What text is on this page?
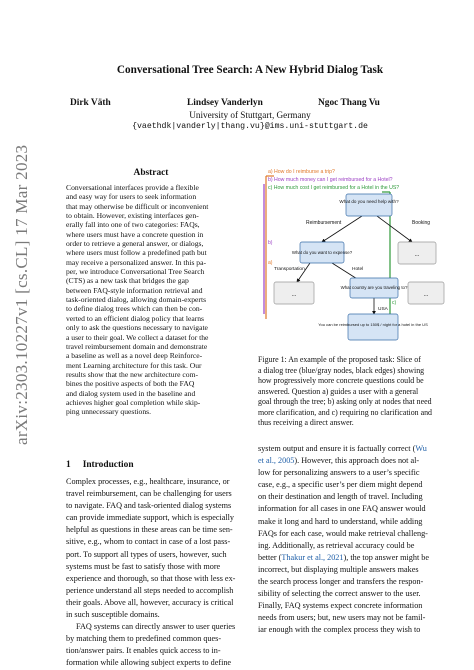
arXiv:2303.10227v1 [cs.CL] 17 Mar 2023
Conversational Tree Search: A New Hybrid Dialog Task
Dirk Väth	Lindsey Vanderlyn	Ngoc Thang Vu
University of Stuttgart, Germany
{vaethdk|vanderly|thang.vu}@ims.uni-stuttgart.de
Abstract
Conversational interfaces provide a flexible
and easy way for users to seek information
that may otherwise be difficult or inconvenient
to obtain. However, existing interfaces gen-
erally fall into one of two categories: FAQs,
where users must have a concrete question in
order to retrieve a general answer, or dialogs,
where users must follow a predefined path but
may receive a personalized answer. In this pa-
per, we introduce Conversational Tree Search
(CTS) as a new task that bridges the gap
between FAQ-style information retrieval and
task-oriented dialog, allowing domain-experts
to define dialog trees which can then be con-
verted to an efficient dialog policy that learns
only to ask the questions necessary to navigate
a user to their goal. We collect a dataset for the
travel reimbursement domain and demonstrate
a baseline as well as a novel deep Reinforce-
ment Learning architecture for this task. Our
results show that the new architecture com-
bines the positive aspects of both the FAQ
and dialog system used in the baseline and
achieves higher goal completion while skip-
ping unnecessary questions.
a) How do I reimburse a trip?
b) How much money can I get reimbursed for a Hotel?
c) How much cost I get reimbursed for a Hotel in the US?
What do you need help with?
Reimbursement	Booking
What do you want to expense?	...
Transportation	Hotel
...
What country are you traveling to?
USA
You can be reimbursed up to 150$ / night for a hotel in the US
...
a)
b)
c)
Figure 1: An example of the proposed task: Slice of
a dialog tree (blue/gray nodes, black edges) showing
how progressively more concrete questions could be
answered. Question a) guides a user with a general
goal through the tree; b) asking only at nodes that need
more clarification, and c) requiring no clarification and
thus receiving a direct answer.
1 Introduction
Complex processes, e.g., healthcare, insurance, or
travel reimbursement, can be challenging for users
to navigate. FAQ and task-oriented dialog systems
can provide immediate support, which is especially
helpful as questions in these areas can be time sen-
sitive, e.g., whom to contact in case of a lost pass-
port. To support all types of users, however, such
systems must be fast to satisfy those with more
experience and thorough, so that those with less ex-
perience understand all steps needed to accomplish
their goals. Above all, however, accuracy is critical
in such susceptible domains.
FAQ systems can directly answer to user queries
by matching them to predefined common ques-
tion/answer pairs. It enables quick access to in-
formation while allowing subject experts to define
system output and ensure it is factually correct (Wu
et al., 2005). However, this approach does not al-
low for personalizing answers to a user’s specific
case, e.g., a specific user’s per diem might depend
on their destination and length of travel. Including
information for all cases in one FAQ answer would
make it long and hard to understand, while adding
FAQs for each case, would make retrieval challeng-
ing. Additionally, as retrieval accuracy could be
better (Thakur et al., 2021), the top answer might be
incorrect, but displaying multiple answers makes
the search process longer and transfers the respon-
sibility of selecting the correct answer to the user.
Finally, FAQ systems expect concrete information
needs from users; but, new users may not be famil-
iar enough with the complex process they wish to
